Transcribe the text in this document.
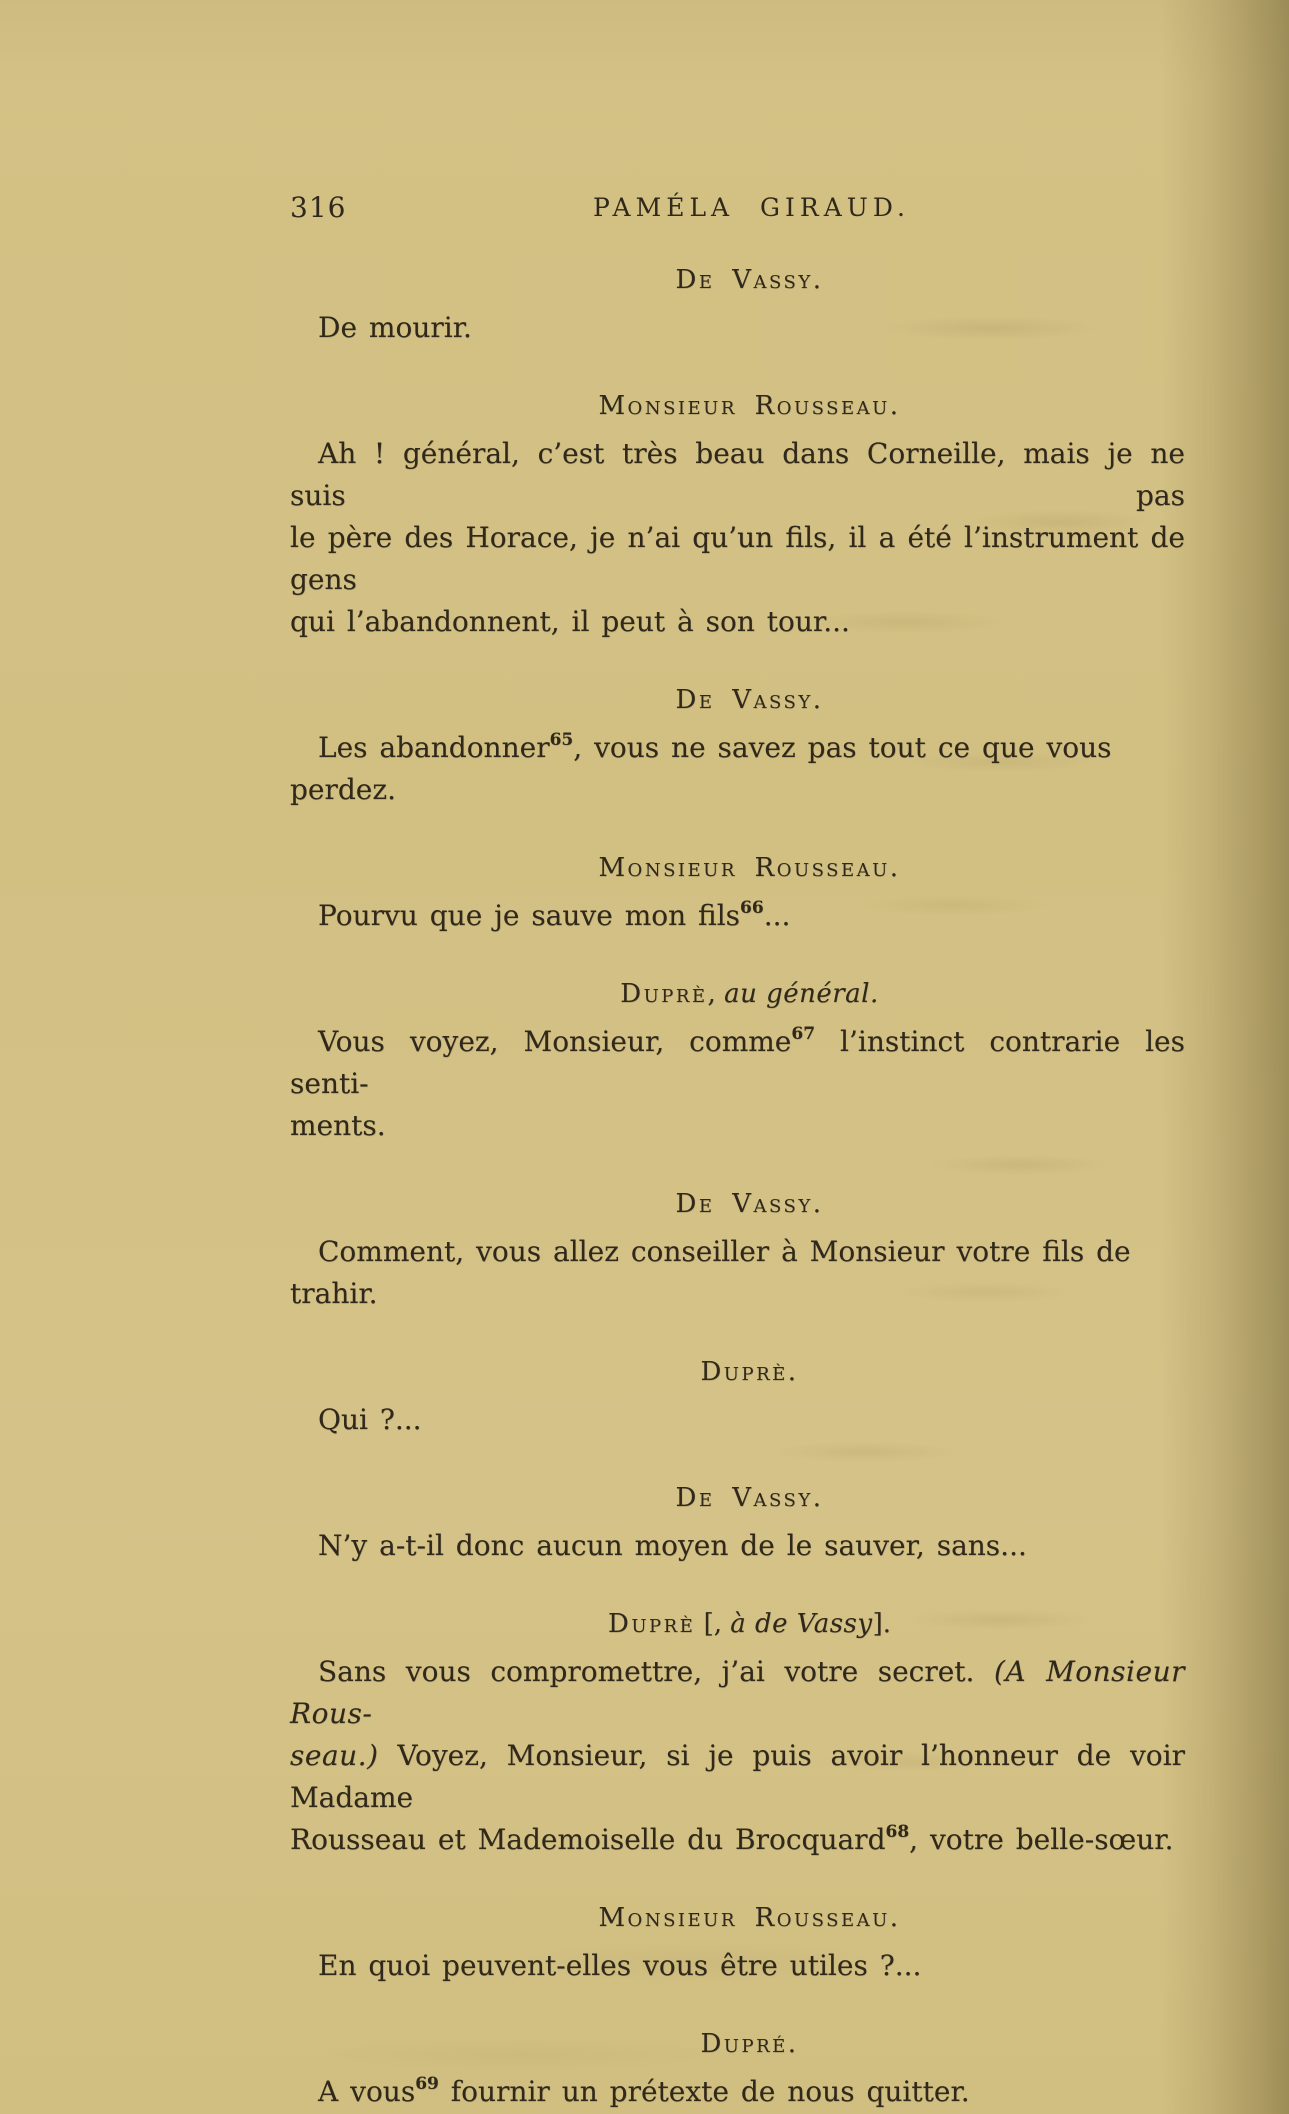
316	PAMÉLA GIRAUD.
De Vassy.
De mourir.
Monsieur Rousseau.
Ah ! général, c’est très beau dans Corneille, mais je ne suis pas
le père des Horace, je n’ai qu’un fils, il a été l’instrument de gens
qui l’abandonnent, il peut à son tour...
De Vassy.
Les abandonner$^{65}$, vous ne savez pas tout ce que vous perdez.
Monsieur Rousseau.
Pourvu que je sauve mon fils$^{66}$...
Duprè, au général.
Vous voyez, Monsieur, comme$^{67}$ l’instinct contrarie les senti-
ments.
De Vassy.
Comment, vous allez conseiller à Monsieur votre fils de trahir.
Duprè.
Qui ?...
De Vassy.
N’y a-t-il donc aucun moyen de le sauver, sans...
Duprè [, à de Vassy].
Sans vous compromettre, j’ai votre secret. (A Monsieur Rous-
seau.) Voyez, Monsieur, si je puis avoir l’honneur de voir Madame
Rousseau et Mademoiselle du Brocquard$^{68}$, votre belle-sœur.
Monsieur Rousseau.
En quoi peuvent-elles vous être utiles ?...
Dupré.
A vous$^{69}$ fournir un prétexte de nous quitter.
